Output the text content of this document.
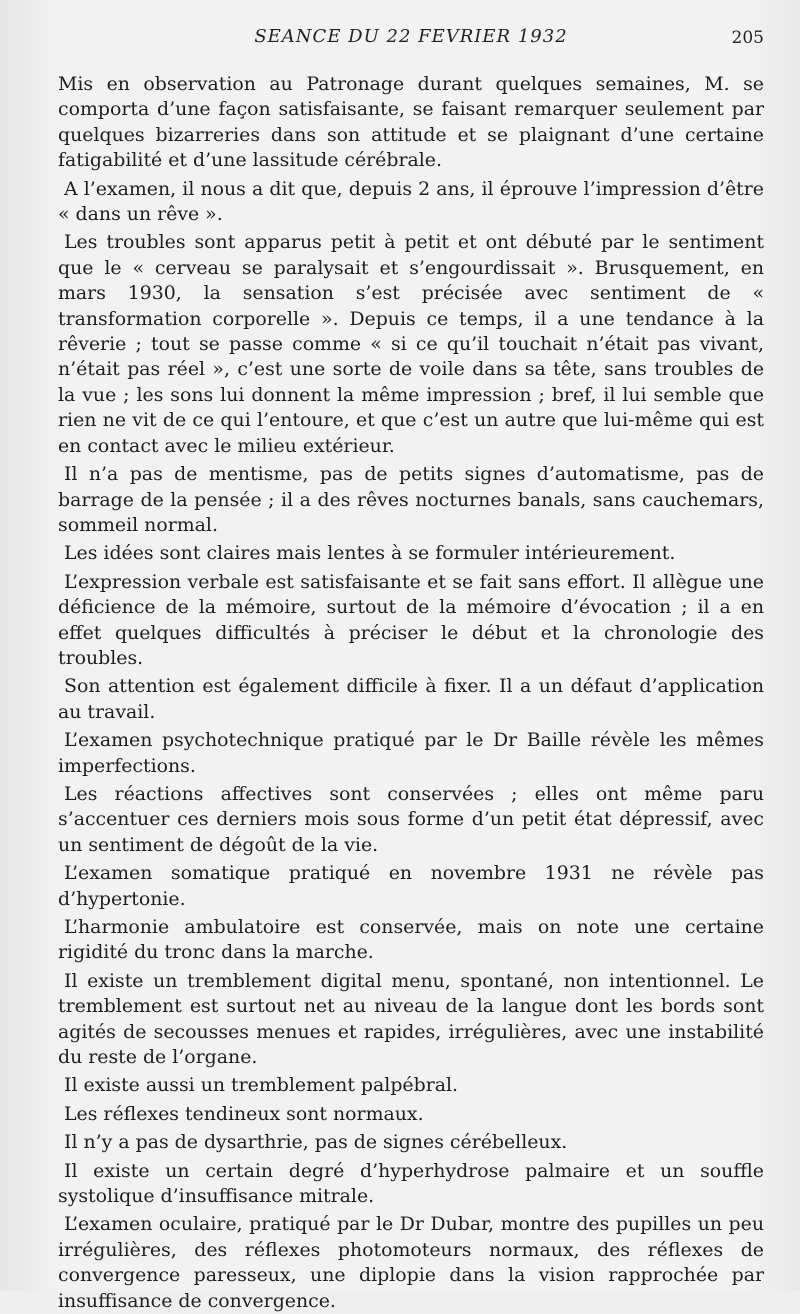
SEANCE DU 22 FEVRIER 1932	205

Mis en observation au Patronage durant quelques semaines, M. se comporta d’une façon satisfaisante, se faisant remarquer seulement par quelques bizarreries dans son attitude et se plaignant d’une certaine fatigabilité et d’une lassitude cérébrale.

A l’examen, il nous a dit que, depuis 2 ans, il éprouve l’impression d’être « dans un rêve ».

Les troubles sont apparus petit à petit et ont débuté par le sentiment que le « cerveau se paralysait et s’engourdissait ». Brusquement, en mars 1930, la sensation s’est précisée avec sentiment de « transformation corporelle ». Depuis ce temps, il a une tendance à la rêverie ; tout se passe comme « si ce qu’il touchait n’était pas vivant, n’était pas réel », c’est une sorte de voile dans sa tête, sans troubles de la vue ; les sons lui donnent la même impression ; bref, il lui semble que rien ne vit de ce qui l’entoure, et que c’est un autre que lui-même qui est en contact avec le milieu extérieur.

Il n’a pas de mentisme, pas de petits signes d’automatisme, pas de barrage de la pensée ; il a des rêves nocturnes banals, sans cauchemars, sommeil normal.

Les idées sont claires mais lentes à se formuler intérieurement.

L’expression verbale est satisfaisante et se fait sans effort. Il allègue une déficience de la mémoire, surtout de la mémoire d’évocation ; il a en effet quelques difficultés à préciser le début et la chronologie des troubles.

Son attention est également difficile à fixer. Il a un défaut d’application au travail.

L’examen psychotechnique pratiqué par le Dr Baille révèle les mêmes imperfections.

Les réactions affectives sont conservées ; elles ont même paru s’accentuer ces derniers mois sous forme d’un petit état dépressif, avec un sentiment de dégoût de la vie.

L’examen somatique pratiqué en novembre 1931 ne révèle pas d’hypertonie.

L’harmonie ambulatoire est conservée, mais on note une certaine rigidité du tronc dans la marche.

Il existe un tremblement digital menu, spontané, non intentionnel. Le tremblement est surtout net au niveau de la langue dont les bords sont agités de secousses menues et rapides, irrégulières, avec une instabilité du reste de l’organe.

Il existe aussi un tremblement palpébral.

Les réflexes tendineux sont normaux.

Il n’y a pas de dysarthrie, pas de signes cérébelleux.

Il existe un certain degré d’hyperhydrose palmaire et un souffle systolique d’insuffisance mitrale.

L’examen oculaire, pratiqué par le Dr Dubar, montre des pupilles un peu irrégulières, des réflexes photomoteurs normaux, des réflexes de convergence paresseux, une diplopie dans la vision rapprochée par insuffisance de convergence.
